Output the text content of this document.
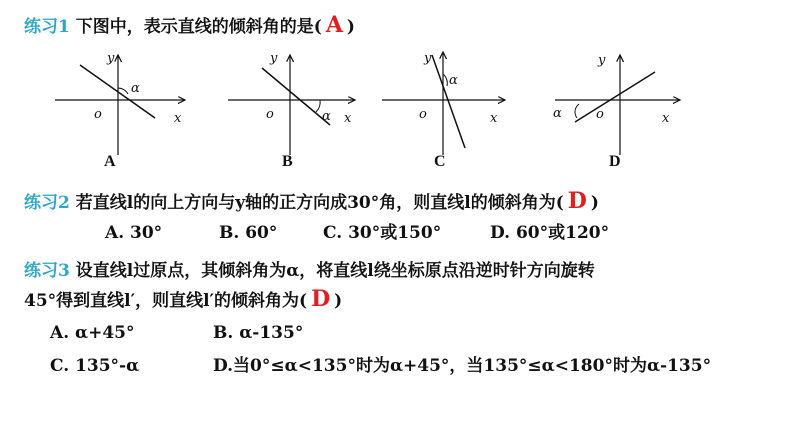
练习1 下图中，表示直线的倾斜角的是( A )
x
y
o
α
A
x
y
o	α
B
x
y
o
α
C
x
y
o
α
D
练习2 若直线l的向上方向与y轴的正方向成30°角，则直线l的倾斜角为( D )
A. 30°	B. 60°	C. 30°或150°	D. 60°或120°
练习3 设直线l过原点，其倾斜角为α，将直线l绕坐标原点沿逆时针方向旋转
45°得到直线l′，则直线l′的倾斜角为( D )
A. α+45°	B. α-135°
C. 135°-α	D.当0°≤α<135°时为α+45°，当135°≤α<180°时为α-135°
